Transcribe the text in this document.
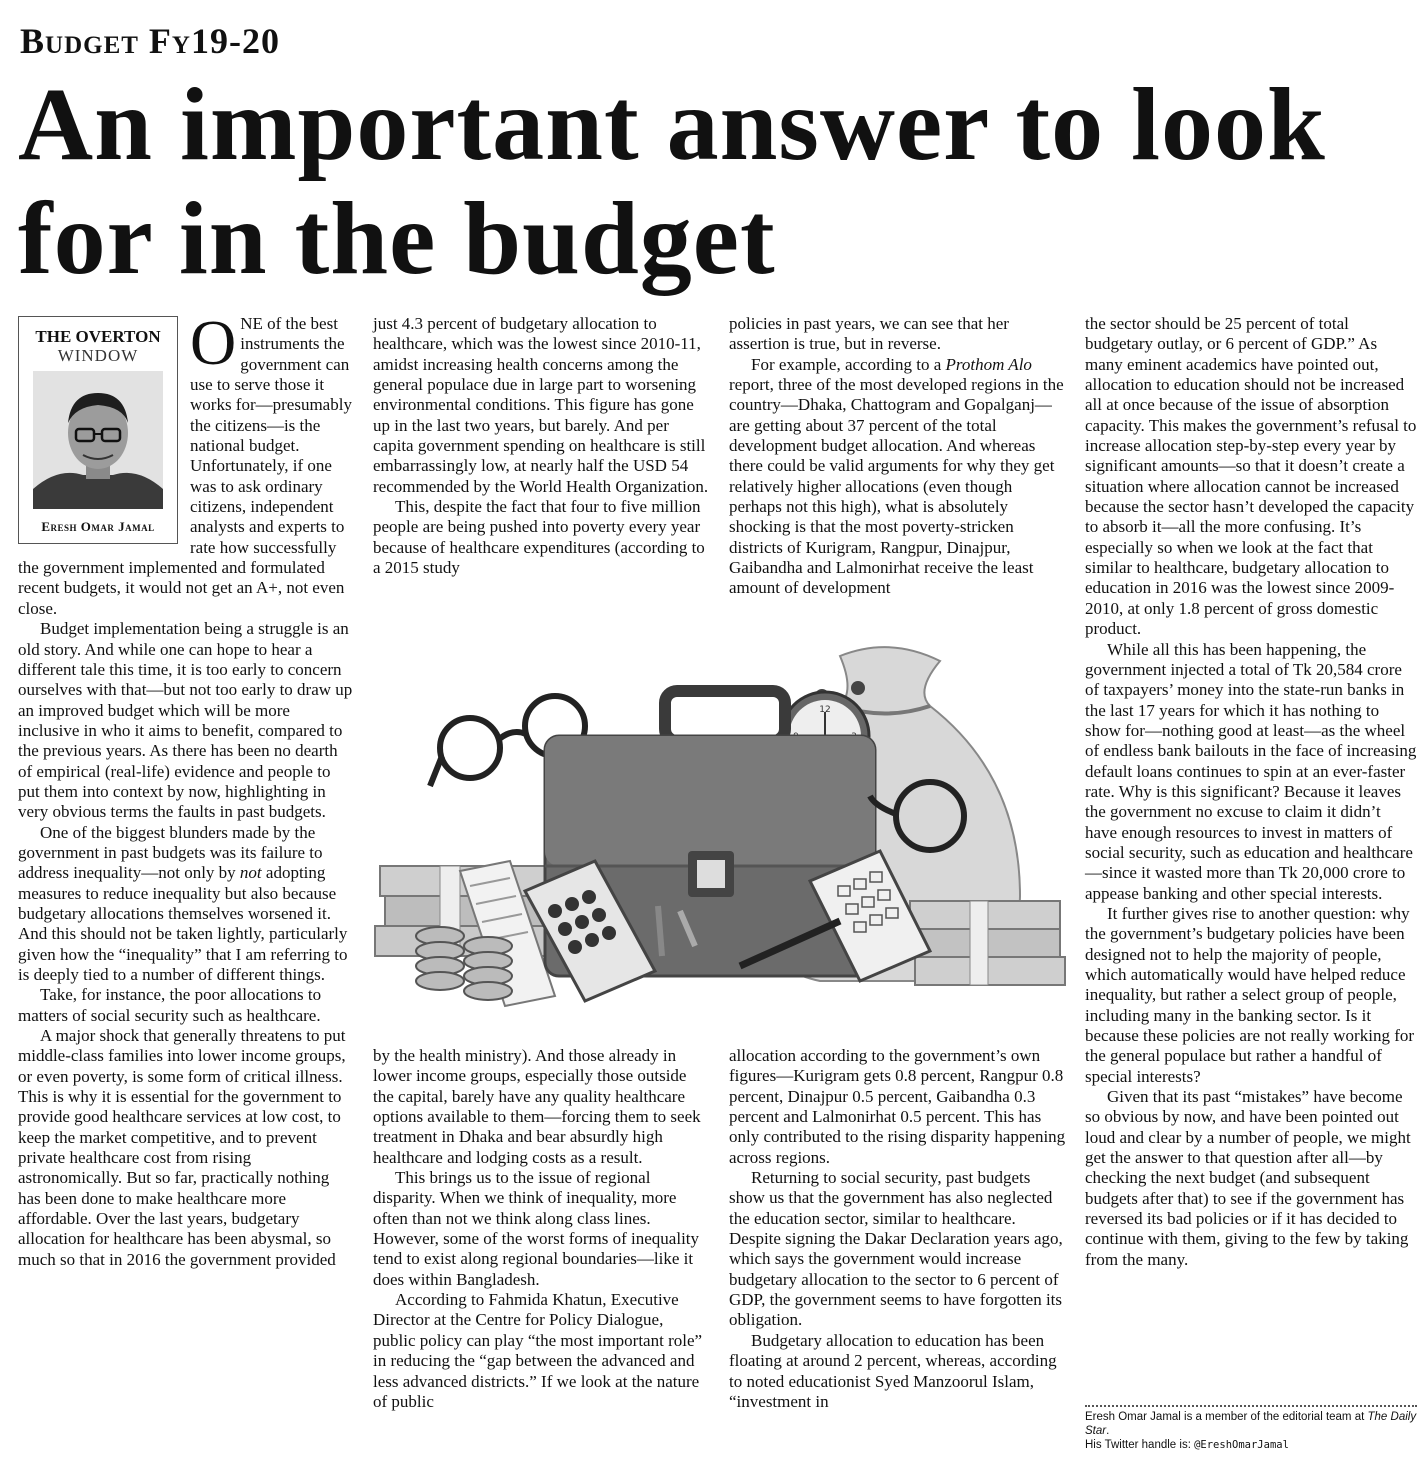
Budget Fy19-20
An important answer to look for in the budget
THE OVERTON
WINDOW
Eresh Omar Jamal

ONE of the best instruments the government can use to serve those it works for—presumably the citizens—is the national budget. Unfortunately, if one was to ask ordinary citizens, independent analysts and experts to rate how successfully the government implemented and formulated recent budgets, it would not get an A+, not even close.

Budget implementation being a struggle is an old story. And while one can hope to hear a different tale this time, it is too early to concern ourselves with that—but not too early to draw up an improved budget which will be more inclusive in who it aims to benefit, compared to the previous years. As there has been no dearth of empirical (real-life) evidence and people to put them into context by now, highlighting in very obvious terms the faults in past budgets.

One of the biggest blunders made by the government in past budgets was its failure to address inequality—not only by not adopting measures to reduce inequality but also because budgetary allocations themselves worsened it. And this should not be taken lightly, particularly given how the “inequality” that I am referring to is deeply tied to a number of different things.

Take, for instance, the poor allocations to matters of social security such as healthcare.

A major shock that generally threatens to put middle-class families into lower income groups, or even poverty, is some form of critical illness. This is why it is essential for the government to provide good healthcare services at low cost, to keep the market competitive, and to prevent private healthcare cost from rising astronomically. But so far, practically nothing has been done to make healthcare more affordable. Over the last years, budgetary allocation for healthcare has been abysmal, so much so that in 2016 the government provided

just 4.3 percent of budgetary allocation to healthcare, which was the lowest since 2010-11, amidst increasing health concerns among the general populace due in large part to worsening environmental conditions. This figure has gone up in the last two years, but barely. And per capita government spending on healthcare is still embarrassingly low, at nearly half the USD 54 recommended by the World Health Organization.

This, despite the fact that four to five million people are being pushed into poverty every year because of healthcare expenditures (according to a 2015 study

by the health ministry). And those already in lower income groups, especially those outside the capital, barely have any quality healthcare options available to them—forcing them to seek treatment in Dhaka and bear absurdly high healthcare and lodging costs as a result.

This brings us to the issue of regional disparity. When we think of inequality, more often than not we think along class lines. However, some of the worst forms of inequality tend to exist along regional boundaries—like it does within Bangladesh.

According to Fahmida Khatun, Executive Director at the Centre for Policy Dialogue, public policy can play “the most important role” in reducing the “gap between the advanced and less advanced districts.” If we look at the nature of public

policies in past years, we can see that her assertion is true, but in reverse.

For example, according to a Prothom Alo report, three of the most developed regions in the country—Dhaka, Chattogram and Gopalganj—are getting about 37 percent of the total development budget allocation. And whereas there could be valid arguments for why they get relatively higher allocations (even though perhaps not this high), what is absolutely shocking is that the most poverty-stricken districts of Kurigram, Rangpur, Dinajpur, Gaibandha and Lalmonirhat receive the least amount of development

allocation according to the government’s own figures—Kurigram gets 0.8 percent, Rangpur 0.8 percent, Dinajpur 0.5 percent, Gaibandha 0.3 percent and Lalmonirhat 0.5 percent. This has only contributed to the rising disparity happening across regions.

Returning to social security, past budgets show us that the government has also neglected the education sector, similar to healthcare. Despite signing the Dakar Declaration years ago, which says the government would increase budgetary allocation to the sector to 6 percent of GDP, the government seems to have forgotten its obligation.

Budgetary allocation to education has been floating at around 2 percent, whereas, according to noted educationist Syed Manzoorul Islam, “investment in

the sector should be 25 percent of total budgetary outlay, or 6 percent of GDP.” As many eminent academics have pointed out, allocation to education should not be increased all at once because of the issue of absorption capacity. This makes the government’s refusal to increase allocation step-by-step every year by significant amounts—so that it doesn’t create a situation where allocation cannot be increased because the sector hasn’t developed the capacity to absorb it—all the more confusing. It’s especially so when we look at the fact that similar to healthcare, budgetary allocation to education in 2016 was the lowest since 2009-2010, at only 1.8 percent of gross domestic product.

While all this has been happening, the government injected a total of Tk 20,584 crore of taxpayers’ money into the state-run banks in the last 17 years for which it has nothing to show for—nothing good at least—as the wheel of endless bank bailouts in the face of increasing default loans continues to spin at an ever-faster rate. Why is this significant? Because it leaves the government no excuse to claim it didn’t have enough resources to invest in matters of social security, such as education and healthcare—since it wasted more than Tk 20,000 crore to appease banking and other special interests.

It further gives rise to another question: why the government’s budgetary policies have been designed not to help the majority of people, which automatically would have helped reduce inequality, but rather a select group of people, including many in the banking sector. Is it because these policies are not really working for the general populace but rather a handful of special interests?

Given that its past “mistakes” have become so obvious by now, and have been pointed out loud and clear by a number of people, we might get the answer to that question after all—by checking the next budget (and subsequent budgets after that) to see if the government has reversed its bad policies or if it has decided to continue with them, giving to the few by taking from the many.

12
Eresh Omar Jamal is a member of the editorial team at The Daily Star.
His Twitter handle is: @EreshOmarJamal
